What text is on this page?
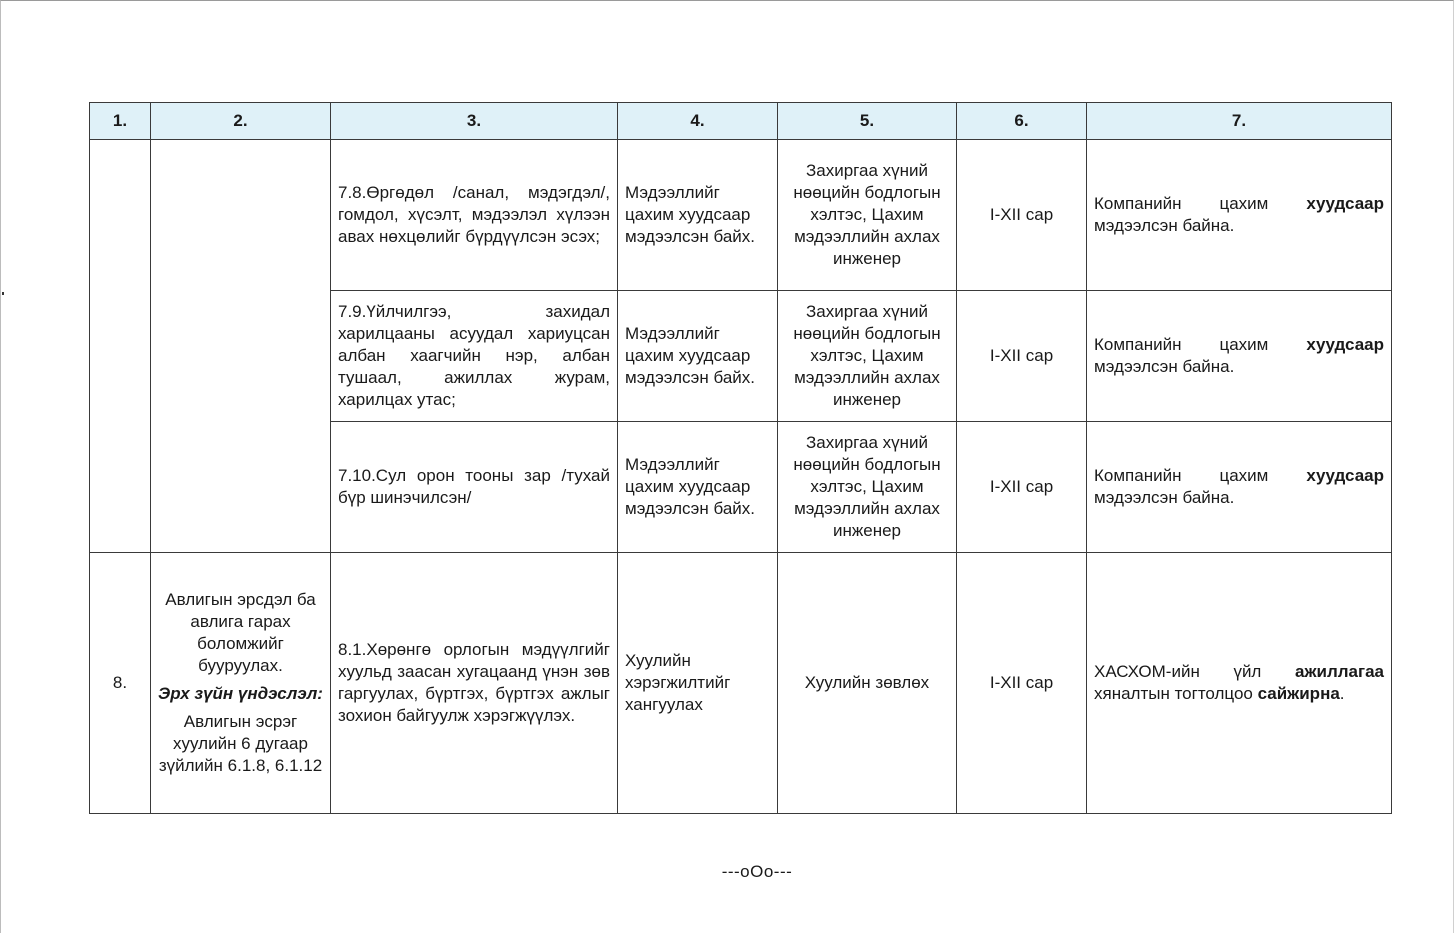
1.	2.	3.	4.	5.	6.	7.
		7.8.Өргөдөл /санал, мэдэгдэл/, гомдол, хүсэлт, мэдээлэл хүлээн авах нөхцөлийг бүрдүүлсэн эсэх;	Мэдээллийг цахим хуудсаар мэдээлсэн байх.	Захиргаа хүний нөөцийн бодлогын хэлтэс, Цахим мэдээллийн ахлах инженер	I-XII сар	Компанийн цахим хуудсаар мэдээлсэн байна.
		7.9.Үйлчилгээ, захидал харилцааны асуудал хариуцсан албан хаагчийн нэр, албан тушаал, ажиллах журам, харилцах утас;	Мэдээллийг цахим хуудсаар мэдээлсэн байх.	Захиргаа хүний нөөцийн бодлогын хэлтэс, Цахим мэдээллийн ахлах инженер	I-XII сар	Компанийн цахим хуудсаар мэдээлсэн байна.
		7.10.Сул орон тооны зар /тухай бүр шинэчилсэн/	Мэдээллийг цахим хуудсаар мэдээлсэн байх.	Захиргаа хүний нөөцийн бодлогын хэлтэс, Цахим мэдээллийн ахлах инженер	I-XII сар	Компанийн цахим хуудсаар мэдээлсэн байна.
8.	Авлигын эрсдэл ба авлига гарах боломжийг бууруулах.
Эрх зүйн үндэслэл:
Авлигын эсрэг хуулийн 6 дугаар зүйлийн 6.1.8, 6.1.12	8.1.Хөрөнгө орлогын мэдүүлгийг хуульд заасан хугацаанд үнэн зөв гаргуулах, бүртгэх, бүртгэх ажлыг зохион байгуулж хэрэгжүүлэх.	Хуулийн хэрэгжилтийг хангуулах	Хуулийн зөвлөх	I-XII сар	ХАСХОМ-ийн үйл ажиллагаа хяналтын тогтолцоо сайжирна.
---oOo---
